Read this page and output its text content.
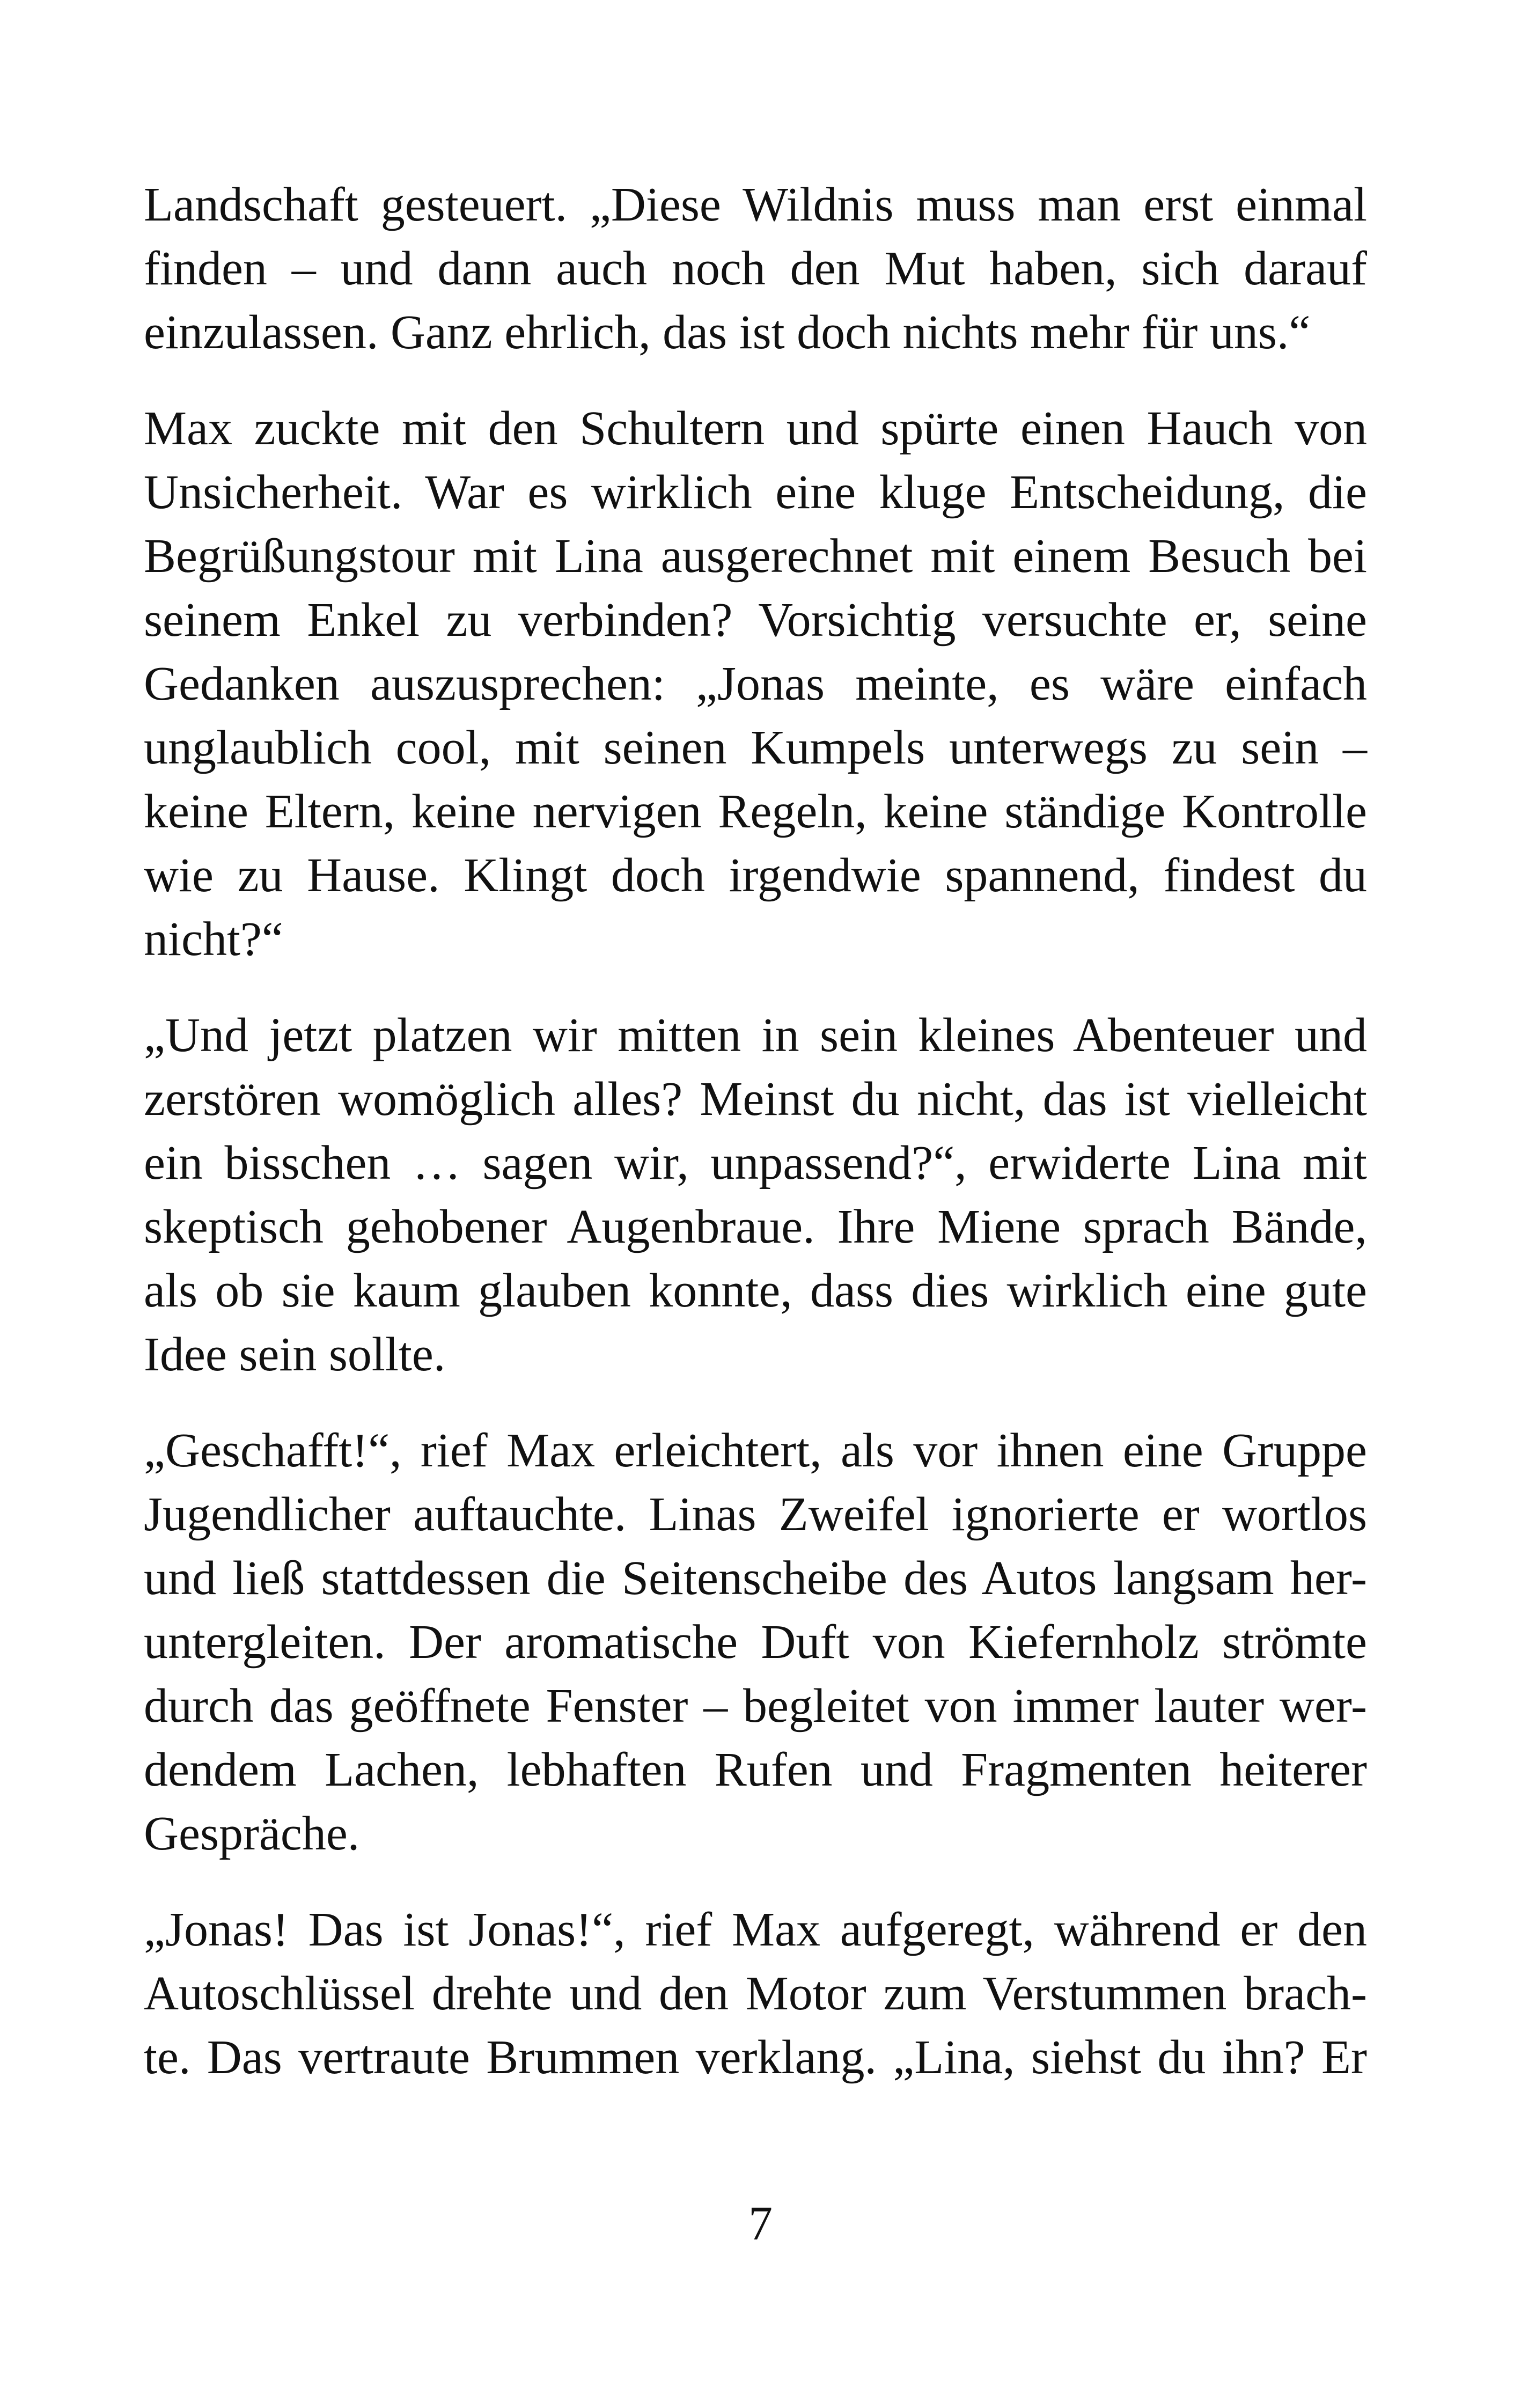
Landschaft gesteuert. „Diese Wildnis muss man erst einmal
finden – und dann auch noch den Mut haben, sich darauf
einzulassen. Ganz ehrlich, das ist doch nichts mehr für uns.“

Max zuckte mit den Schultern und spürte einen Hauch von
Unsicherheit. War es wirklich eine kluge Entscheidung, die
Begrüßungstour mit Lina ausgerechnet mit einem Besuch bei
seinem Enkel zu verbinden? Vorsichtig versuchte er, seine
Gedanken auszusprechen: „Jonas meinte, es wäre einfach
unglaublich cool, mit seinen Kumpels unterwegs zu sein –
keine Eltern, keine nervigen Regeln, keine ständige Kontrolle
wie zu Hause. Klingt doch irgendwie spannend, findest du
nicht?“

„Und jetzt platzen wir mitten in sein kleines Abenteuer und
zerstören womöglich alles? Meinst du nicht, das ist vielleicht
ein bisschen … sagen wir, unpassend?“, erwiderte Lina mit
skeptisch gehobener Augenbraue. Ihre Miene sprach Bände,
als ob sie kaum glauben konnte, dass dies wirklich eine gute
Idee sein sollte.

„Geschafft!“, rief Max erleichtert, als vor ihnen eine Gruppe
Jugendlicher auftauchte. Linas Zweifel ignorierte er wortlos
und ließ stattdessen die Seitenscheibe des Autos langsam her-
untergleiten. Der aromatische Duft von Kiefernholz strömte
durch das geöffnete Fenster – begleitet von immer lauter wer-
dendem Lachen, lebhaften Rufen und Fragmenten heiterer
Gespräche.

„Jonas! Das ist Jonas!“, rief Max aufgeregt, während er den
Autoschlüssel drehte und den Motor zum Verstummen brach-
te. Das vertraute Brummen verklang. „Lina, siehst du ihn? Er

7
